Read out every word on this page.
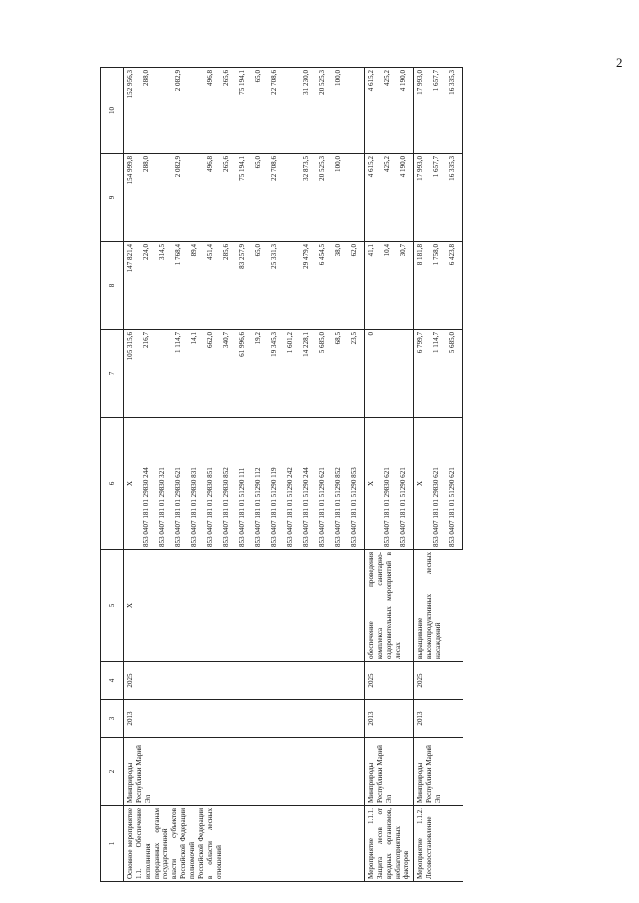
2
1	2	3	4	5	6	7	8	9	10
Основное мероприятие 1.1. Обеспечение исполнения переданных органам государственной власти субъектов Российской Федерации полномочий Российской Федерации в области лесных отношений	Минприроды Республики Марий Эл	2013	2025	X	X	105 315,6	147 821,4	154 999,8	152 956,3
					853 0407 181 01 29830 244	216,7	224,0	288,0	288,0
					853 0407 181 01 29830 321		314,5		
					853 0407 181 01 29830 621	1 114,7	1 768,4	2 082,9	2 082,9
					853 0407 181 01 29830 831	14,1	89,4		
					853 0407 181 01 29830 851	662,0	451,4	496,8	496,8
					853 0407 181 01 29830 852	340,7	285,6	265,6	265,6
					853 0407 181 01 51290 111	61 996,6	83 257,9	75 194,1	75 194,1
					853 0407 181 01 51290 112	19,2	65,0	65,0	65,0
					853 0407 181 01 51290 119	19 345,3	25 331,3	22 708,6	22 708,6
					853 0407 181 01 51290 242	1 601,2			
					853 0407 181 01 51290 244	14 228,1	29 479,4	32 873,5	31 230,0
					853 0407 181 01 51290 621	5 685,0	6 454,5	20 525,3	20 525,3
					853 0407 181 01 51290 852	68,5	38,0	100,0	100,0
					853 0407 181 01 51290 853	23,5	62,0		
Мероприятие 1.1.1. Защита лесов от вредных организмов, неблагоприятных факторов	Минприроды Республики Марий Эл	2013	2025	обеспечение проведения комплекса санитарно-оздоровительных мероприятий в лесах	X	0	41,1	4 615,2	4 615,2
					853 0407 181 01 29830 621		10,4	425,2	425,2
					853 0407 181 01 51290 621		30,7	4 190,0	4 190,0
Мероприятие 1.1.2. Лесовосстановление	Минприроды Республики Марий Эл	2013	2025	выращивание высокопродуктивных лесных насаждений	X	6 799,7	8 181,8	17 993,0	17 993,0
					853 0407 181 01 29830 621	1 114,7	1 758,0	1 657,7	1 657,7
					853 0407 181 01 51290 621	5 685,0	6 423,8	16 335,3	16 335,3
